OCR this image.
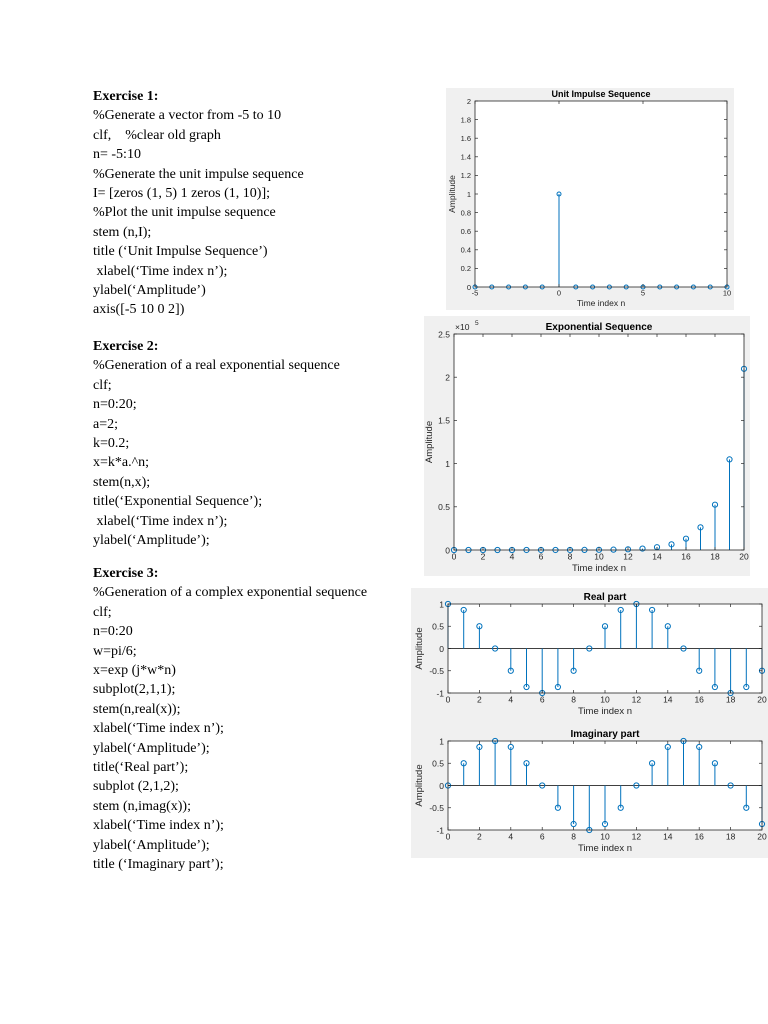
Exercise 1:
%Generate a vector from -5 to 10
clf,    %clear old graph
n= -5:10
%Generate the unit impulse sequence
I= [zeros (1, 5) 1 zeros (1, 10)];
%Plot the unit impulse sequence
stem (n,I);
title (‘Unit Impulse Sequence’)
xlabel(‘Time index n’);
ylabel(‘Amplitude’)
axis([-5 10 0 2])
Exercise 2:
%Generation of a real exponential sequence
clf;
n=0:20;
a=2;
k=0.2;
x=k*a.^n;
stem(n,x);
title(‘Exponential Sequence’);
xlabel(‘Time index n’);
ylabel(‘Amplitude’);
Exercise 3:
%Generation of a complex exponential sequence
clf;
n=0:20
w=pi/6;
x=exp (j*w*n)
subplot(2,1,1);
stem(n,real(x));
xlabel(‘Time index n’);
ylabel(‘Amplitude’);
title(‘Real part’);
subplot (2,1,2);
stem (n,imag(x));
xlabel(‘Time index n’);
ylabel(‘Amplitude’);
title (‘Imaginary part’);
-5	0	5	10
0
0.2
0.4
0.6
0.8
1
1.2
1.4
1.6
1.8
2
Unit Impulse Sequence
Time index n
Amplitude
0	2	4	6	8	10 12 14 16 18 20
0
0.5
1
1.5
2
2.5
Exponential Sequence
Time index n
Amplitude
×10 5
0	2	4	6	8	10	12	14	16	18	20
-1
-0.5
0
0.5
1
Real part
Time index n
Amplitude
0	2	4	6	8	10	12	14	16	18	20
-1
-0.5
0
0.5
1
Imaginary part
Time index n
Amplitude
